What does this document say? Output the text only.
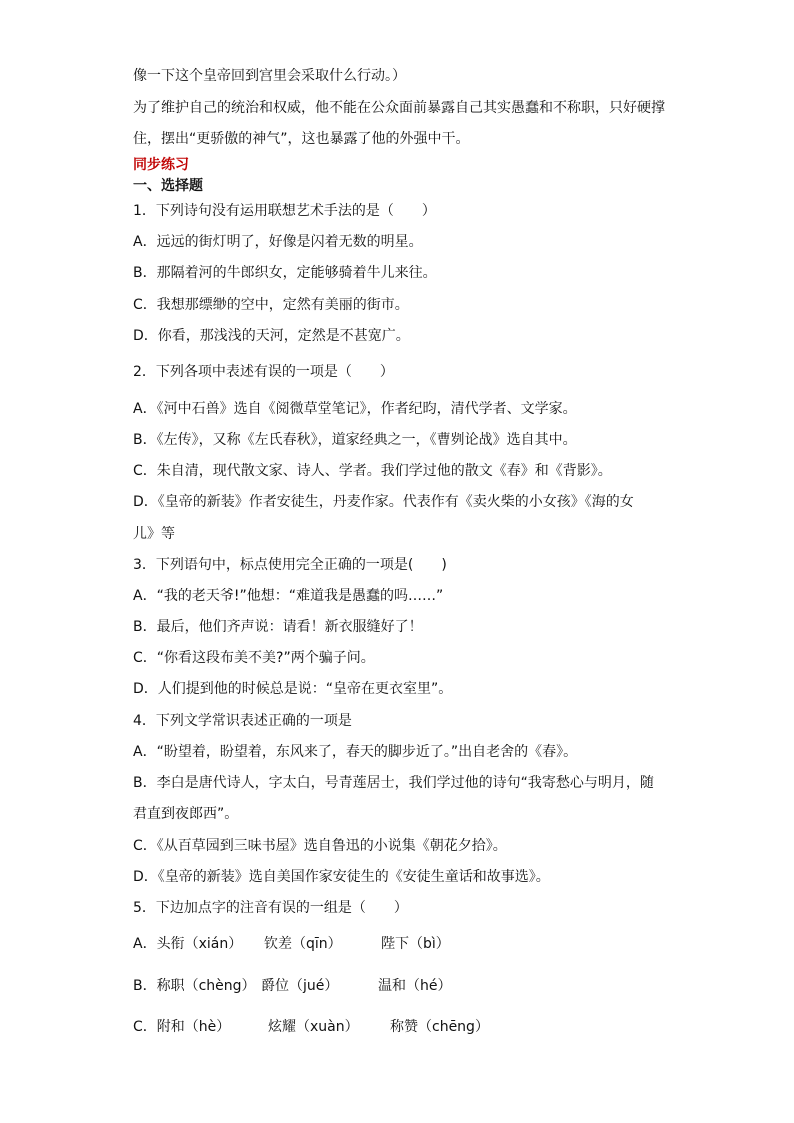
像一下这个皇帝回到宫里会采取什么行动。）
为了维护自己的统治和权威，他不能在公众面前暴露自己其实愚蠢和不称职，只好硬撑
住，摆出“更骄傲的神气”，这也暴露了他的外强中干。
同步练习
一、选择题
1．下列诗句没有运用联想艺术手法的是（　　）
A．远远的街灯明了，好像是闪着无数的明星。
B．那隔着河的牛郎织女，定能够骑着牛儿来往。
C．我想那缥缈的空中，定然有美丽的街市。
D．你看，那浅浅的天河，定然是不甚宽广。
2．下列各项中表述有误的一项是（　　）
A．《河中石兽》选自《阅微草堂笔记》，作者纪昀，清代学者、文学家。
B．《左传》，又称《左氏春秋》，道家经典之一，《曹刿论战》选自其中。
C．朱自清，现代散文家、诗人、学者。我们学过他的散文《春》和《背影》。
D．《皇帝的新装》作者安徒生，丹麦作家。代表作有《卖火柴的小女孩》《海的女
儿》等
3．下列语句中，标点使用完全正确的一项是(　　)
A．“我的老天爷!”他想：“难道我是愚蠢的吗……”
B．最后，他们齐声说：请看！新衣服缝好了！
C．“你看这段布美不美?”两个骗子问。
D．人们提到他的时候总是说：“皇帝在更衣室里”。
4．下列文学常识表述正确的一项是
A．“盼望着，盼望着，东风来了，春天的脚步近了。”出自老舍的《春》。
B．李白是唐代诗人，字太白，号青莲居士，我们学过他的诗句“我寄愁心与明月，随
君直到夜郎西”。
C．《从百草园到三味书屋》选自鲁迅的小说集《朝花夕拾》。
D．《皇帝的新装》选自美国作家安徒生的《安徒生童话和故事选》。
5．下边加点字的注音有误的一组是（　　）
A．头衔（xián） 钦差（qīn）	陛下（bì）
B．称职（chèng） 爵位（jué）	温和（hé）
C．附和（hè）	炫耀（xuàn） 称赞（chēng）
